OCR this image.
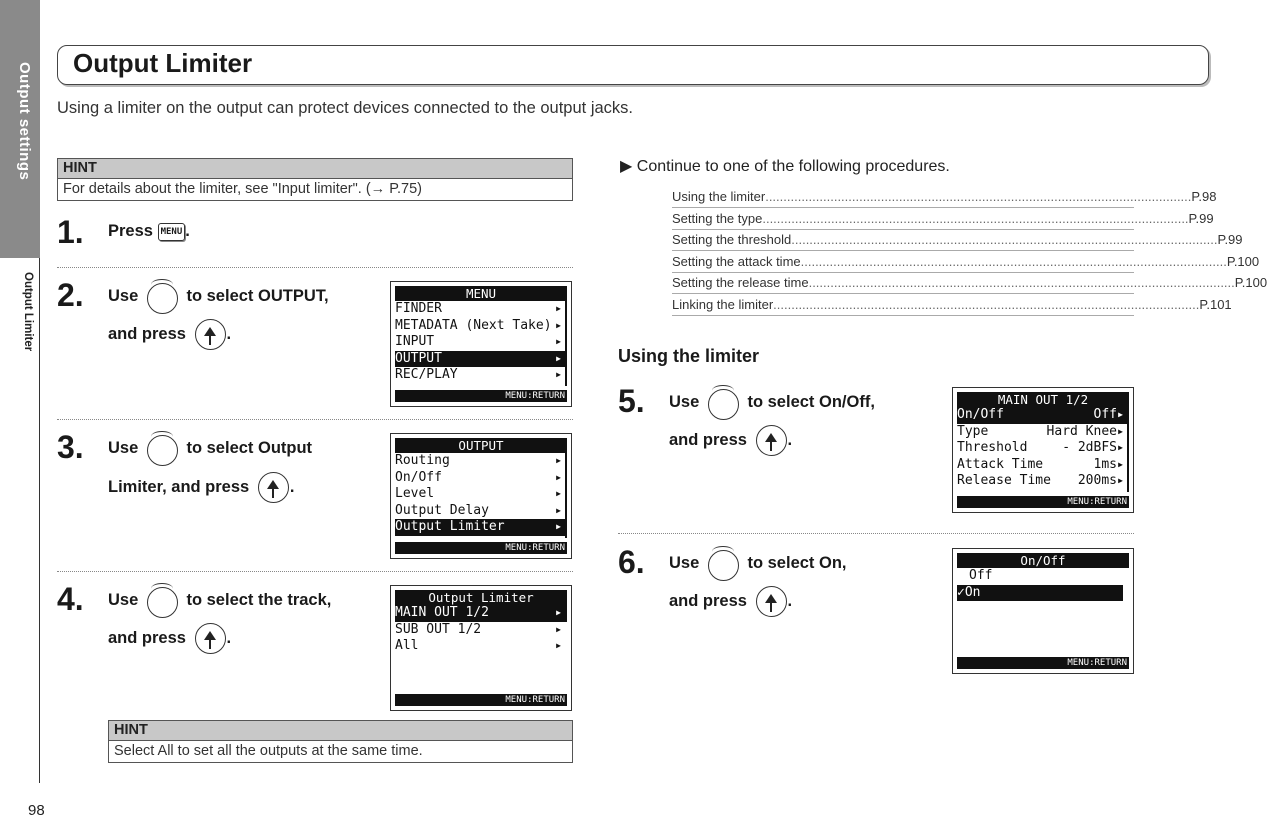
Output settings
Output Limiter
98
Output Limiter
Using a limiter on the output can protect devices connected to the output jacks.
HINT
For details about the limiter, see "Input limiter". (→ P.75)
1. Press MENU .
2. Use	to select OUTPUT,
and press .
MENU
FINDER	▶
METADATA (Next Take) ▶
INPUT	▶
OUTPUT	▶
REC/PLAY	▶
MENU:RETURN
3. Use	to select Output
Limiter, and press .
OUTPUT
Routing	▶
On/Off	▶
Level	▶
Output Delay	▶
Output Limiter	▶
MENU:RETURN
4. Use	to select the track,
and press .
Output Limiter
MAIN OUT 1/2	▶
SUB OUT 1/2	▶
All	▶
MENU:RETURN
HINT
Select All to set all the outputs at the same time.
▶ Continue to one of the following procedures.
Using the limiter ...................................................................................................................... P.98
Setting the type ...................................................................................................................... P.99
Setting the threshold ...................................................................................................................... P.99
Setting the attack time ...................................................................................................................... P.100
Setting the release time ...................................................................................................................... P.100
Linking the limiter ...................................................................................................................... P.101
Using the limiter
5. Use	to select On/Off,
and press .
MAIN OUT 1/2
On/Off	Off ▶
Type	Hard Knee ▶
Threshold	- 2dBFS ▶
Attack Time	1ms ▶
Release Time 200ms ▶
MENU:RETURN
6. Use	to select On,
and press .
On/Off
Off
✓On
MENU:RETURN
